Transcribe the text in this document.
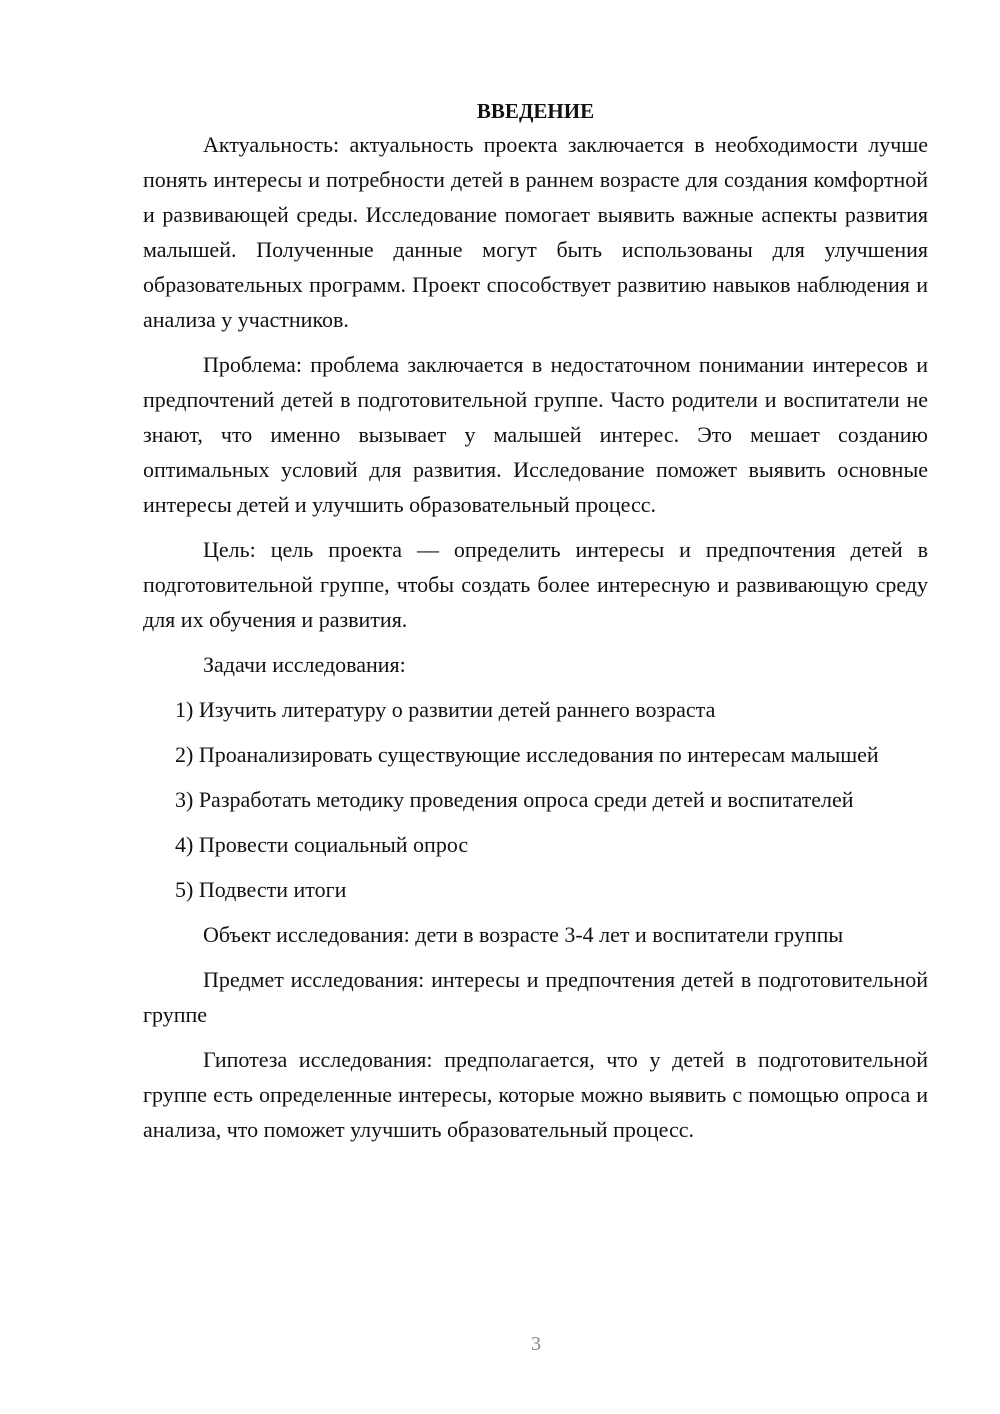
ВВЕДЕНИЕ

Актуальность: актуальность проекта заключается в необходимости лучше понять интересы и потребности детей в раннем возрасте для создания комфортной и развивающей среды. Исследование помогает выявить важные аспекты развития малышей. Полученные данные могут быть использованы для улучшения образовательных программ. Проект способствует развитию навыков наблюдения и анализа у участников.

Проблема: проблема заключается в недостаточном понимании интересов и предпочтений детей в подготовительной группе. Часто родители и воспитатели не знают, что именно вызывает у малышей интерес. Это мешает созданию оптимальных условий для развития. Исследование поможет выявить основные интересы детей и улучшить образовательный процесс.

Цель: цель проекта — определить интересы и предпочтения детей в подготовительной группе, чтобы создать более интересную и развивающую среду для их обучения и развития.

Задачи исследования:

1) Изучить литературу о развитии детей раннего возраста

2) Проанализировать существующие исследования по интересам малышей

3) Разработать методику проведения опроса среди детей и воспитателей

4) Провести социальный опрос

5) Подвести итоги

Объект исследования: дети в возрасте 3-4 лет и воспитатели группы

Предмет исследования: интересы и предпочтения детей в подготовительной группе

Гипотеза исследования: предполагается, что у детей в подготовительной группе есть определенные интересы, которые можно выявить с помощью опроса и анализа, что поможет улучшить образовательный процесс.

3
